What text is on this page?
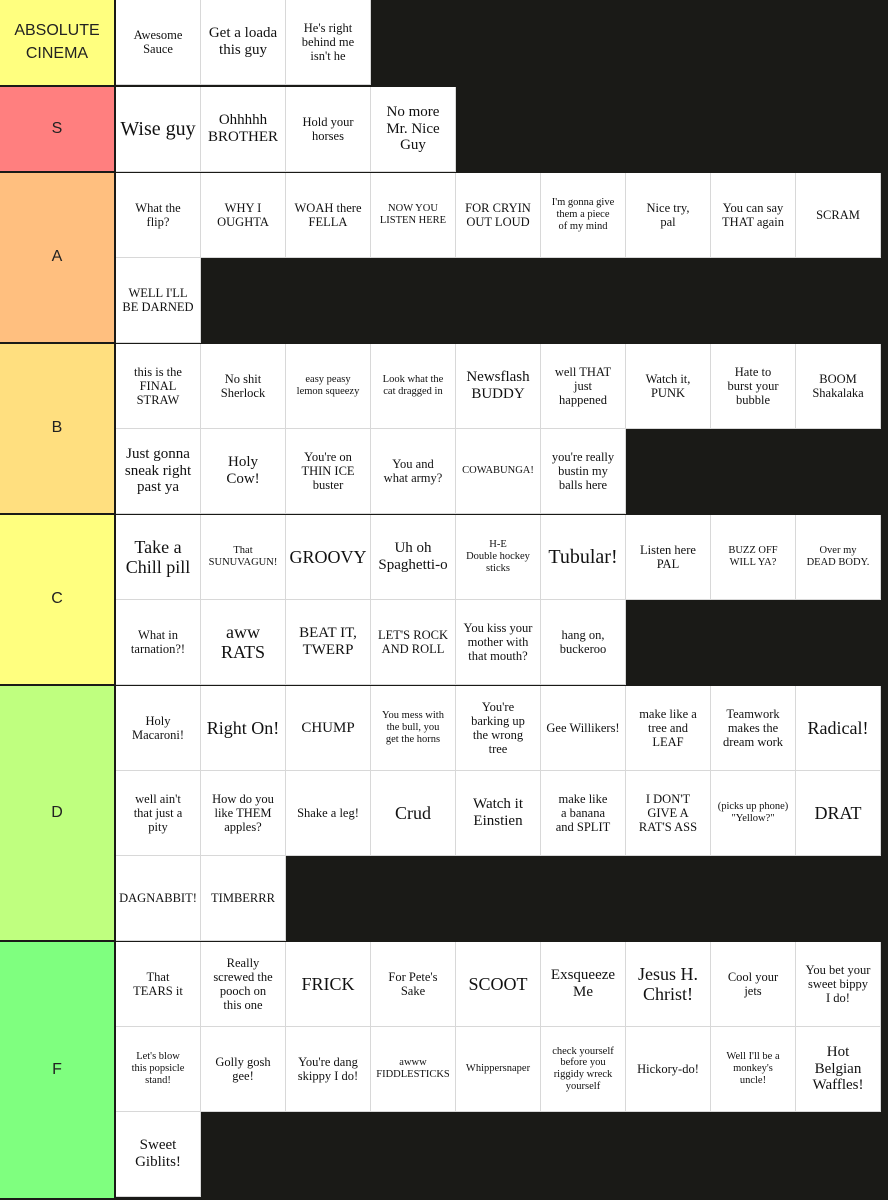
ABSOLUTE
CINEMA
Awesome
Sauce
Get a loada
this guy
He's right
behind me
isn't he
S	Wise guy	Ohhhhh
BROTHER
Hold your
horses
No more
Mr. Nice
Guy
A
What the
flip?
WHY I
OUGHTA
WOAH there
FELLA
NOW YOU
LISTEN HERE
FOR CRYIN
OUT LOUD
I'm gonna give
them a piece
of my mind
Nice try,
pal
You can say
THAT again	SCRAM
WELL I'LL
BE DARNED
B
this is the
FINAL
STRAW
No shit
Sherlock
easy peasy
lemon squeezy
Look what the
cat dragged in
Newsflash
BUDDY
well THAT
just
happened
Watch it,
PUNK
Hate to
burst your
bubble
BOOM
Shakalaka
Just gonna
sneak right
past ya
Holy
Cow!
You're on
THIN ICE
buster
You and
what army?
COWABUNGA!
you're really
bustin my
balls here
C
Take a
Chill pill
That
SUNUVAGUN! GROOVY	Uh oh
Spaghetti-o
H-E
Double hockey
sticks
Tubular!	Listen here
PAL
BUZZ OFF
WILL YA?
Over my
DEAD BODY.
What in
tarnation?!
aww
RATS
BEAT IT,
TWERP
LET'S ROCK
AND ROLL
You kiss your
mother with
that mouth?
hang on,
buckeroo
D
Holy
Macaroni!	Right On!	CHUMP
You mess with
the bull, you
get the horns
You're
barking up
the wrong
tree
Gee Willikers!
make like a
tree and
LEAF
Teamwork
makes the
dream work
Radical!
well ain't
that just a
pity
How do you
like THEM
apples?
Shake a leg!	Crud	Watch it
Einstien
make like
a banana
and SPLIT
I DON'T
GIVE A
RAT'S ASS
(picks up phone)
"Yellow?"	DRAT
DAGNABBIT!	TIMBERRR
F
That
TEARS it
Really
screwed the
pooch on
this one
FRICK	For Pete's
Sake	SCOOT	Exsqueeze
Me
Jesus H.
Christ!
Cool your
jets
You bet your
sweet bippy
I do!
Let's blow
this popsicle
stand!
Golly gosh
gee!
You're dang
skippy I do!
awww
FIDDLESTICKS
Whippersnaper
check yourself
before you
riggidy wreck
yourself
Hickory-do!
Well I'll be a
monkey's
uncle!
Hot
Belgian
Waffles!
Sweet
Giblits!
